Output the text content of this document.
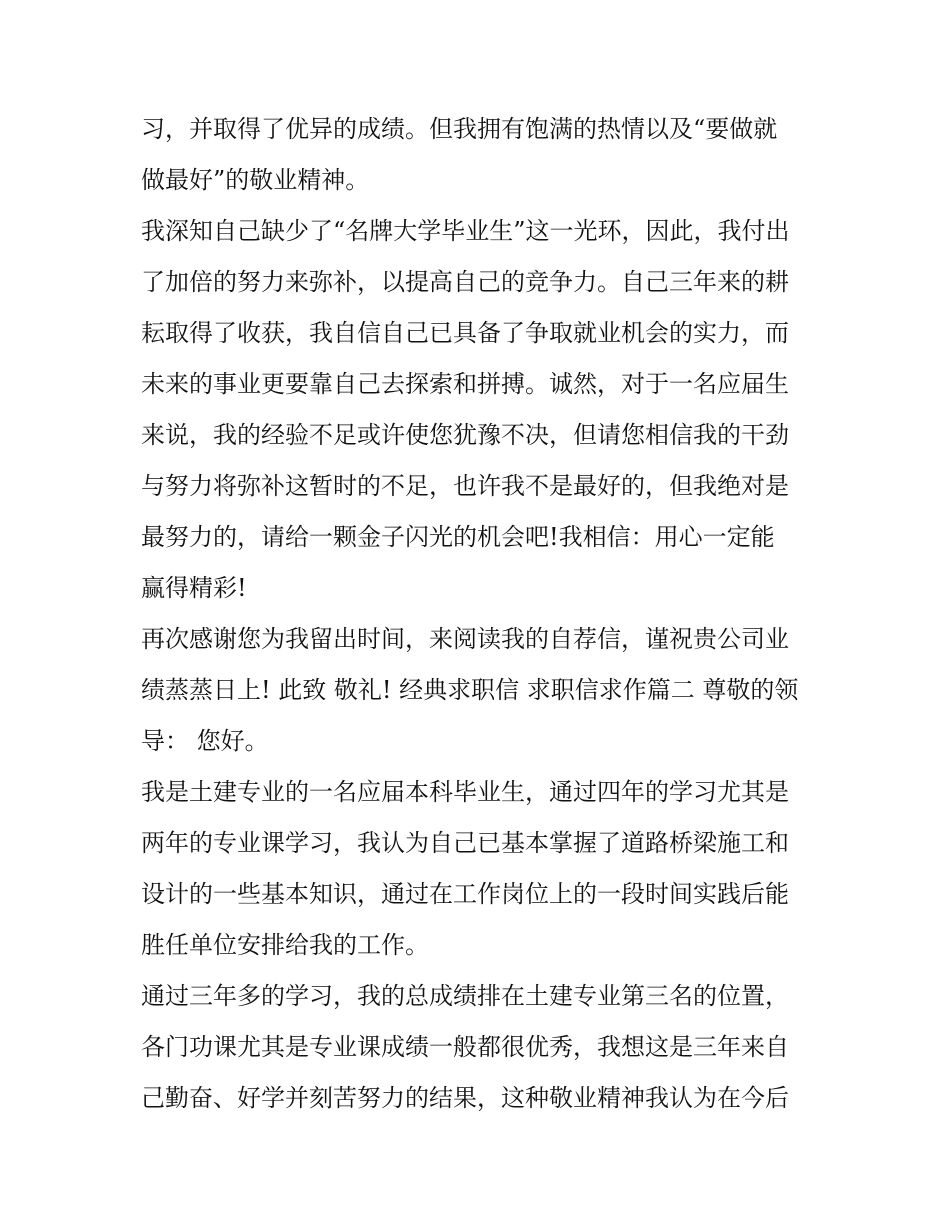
习，并取得了优异的成绩。但我拥有饱满的热情以及“要做就
做最好”的敬业精神。
我深知自己缺少了“名牌大学毕业生”这一光环，因此，我付出
了加倍的努力来弥补，以提高自己的竞争力。自己三年来的耕
耘取得了收获，我自信自己已具备了争取就业机会的实力，而
未来的事业更要靠自己去探索和拼搏。诚然，对于一名应届生
来说，我的经验不足或许使您犹豫不决，但请您相信我的干劲
与努力将弥补这暂时的不足，也许我不是最好的，但我绝对是
最努力的，请给一颗金子闪光的机会吧!我相信：用心一定能
赢得精彩!
再次感谢您为我留出时间，来阅读我的自荐信，谨祝贵公司业
绩蒸蒸日上! 此致 敬礼! 经典求职信 求职信求作篇二 尊敬的领
导： 您好。
我是土建专业的一名应届本科毕业生，通过四年的学习尤其是
两年的专业课学习，我认为自己已基本掌握了道路桥梁施工和
设计的一些基本知识，通过在工作岗位上的一段时间实践后能
胜任单位安排给我的工作。
通过三年多的学习，我的总成绩排在土建专业第三名的位置，
各门功课尤其是专业课成绩一般都很优秀，我想这是三年来自
己勤奋、好学并刻苦努力的结果，这种敬业精神我认为在今后
